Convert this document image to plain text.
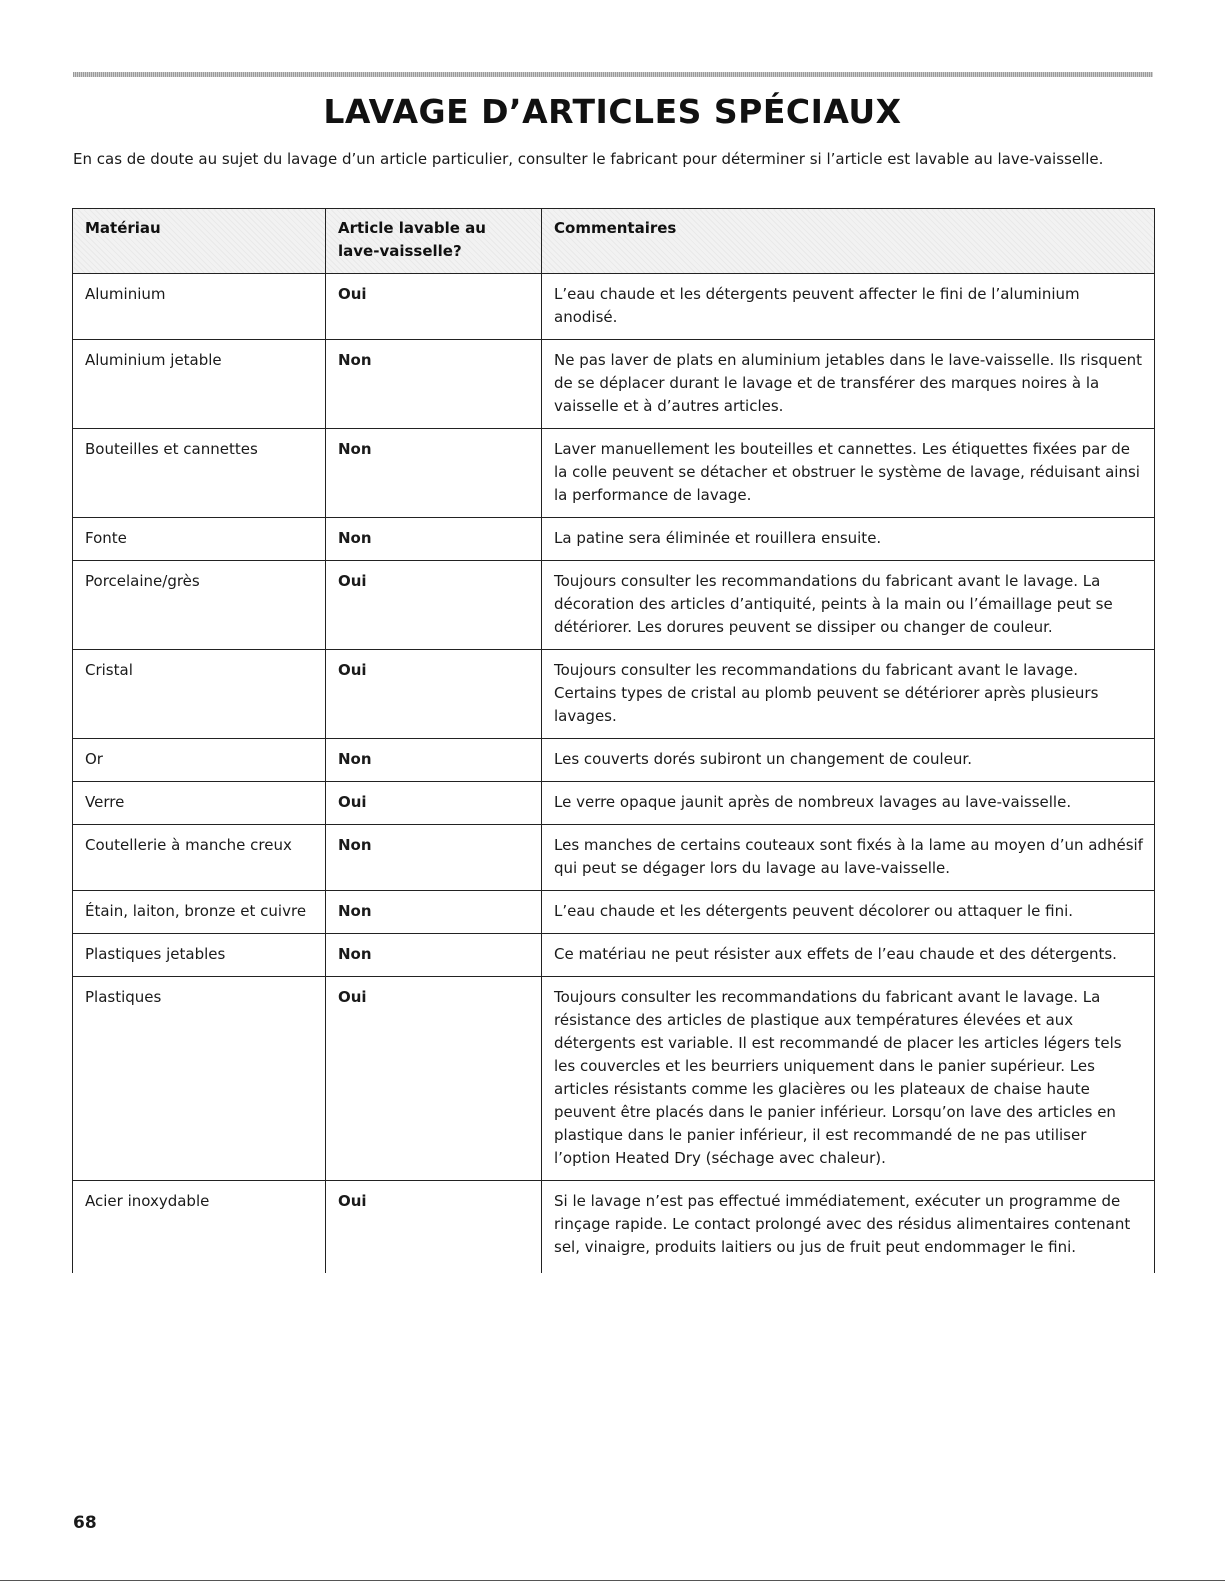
LAVAGE D’ARTICLES SPÉCIAUX

En cas de doute au sujet du lavage d’un article particulier, consulter le fabricant pour déterminer si l’article est lavable au lave-vaisselle.

Matériau	Article lavable au lave-vaisselle?	Commentaires
Aluminium	Oui	L’eau chaude et les détergents peuvent affecter le fini de l’aluminium anodisé.
Aluminium jetable	Non	Ne pas laver de plats en aluminium jetables dans le lave-vaisselle. Ils risquent de se déplacer durant le lavage et de transférer des marques noires à la vaisselle et à d’autres articles.
Bouteilles et cannettes	Non	Laver manuellement les bouteilles et cannettes. Les étiquettes fixées par de la colle peuvent se détacher et obstruer le système de lavage, réduisant ainsi la performance de lavage.
Fonte	Non	La patine sera éliminée et rouillera ensuite.
Porcelaine/grès	Oui	Toujours consulter les recommandations du fabricant avant le lavage. La décoration des articles d’antiquité, peints à la main ou l’émaillage peut se détériorer. Les dorures peuvent se dissiper ou changer de couleur.
Cristal	Oui	Toujours consulter les recommandations du fabricant avant le lavage. Certains types de cristal au plomb peuvent se détériorer après plusieurs lavages.
Or	Non	Les couverts dorés subiront un changement de couleur.
Verre	Oui	Le verre opaque jaunit après de nombreux lavages au lave-vaisselle.
Coutellerie à manche creux	Non	Les manches de certains couteaux sont fixés à la lame au moyen d’un adhésif qui peut se dégager lors du lavage au lave-vaisselle.
Étain, laiton, bronze et cuivre	Non	L’eau chaude et les détergents peuvent décolorer ou attaquer le fini.
Plastiques jetables	Non	Ce matériau ne peut résister aux effets de l’eau chaude et des détergents.
Plastiques	Oui	Toujours consulter les recommandations du fabricant avant le lavage. La résistance des articles de plastique aux températures élevées et aux détergents est variable. Il est recommandé de placer les articles légers tels les couvercles et les beurriers uniquement dans le panier supérieur. Les articles résistants comme les glacières ou les plateaux de chaise haute peuvent être placés dans le panier inférieur. Lorsqu’on lave des articles en plastique dans le panier inférieur, il est recommandé de ne pas utiliser l’option Heated Dry (séchage avec chaleur).
Acier inoxydable	Oui	Si le lavage n’est pas effectué immédiatement, exécuter un programme de rinçage rapide. Le contact prolongé avec des résidus alimentaires contenant sel, vinaigre, produits laitiers ou jus de fruit peut endommager le fini.

68
